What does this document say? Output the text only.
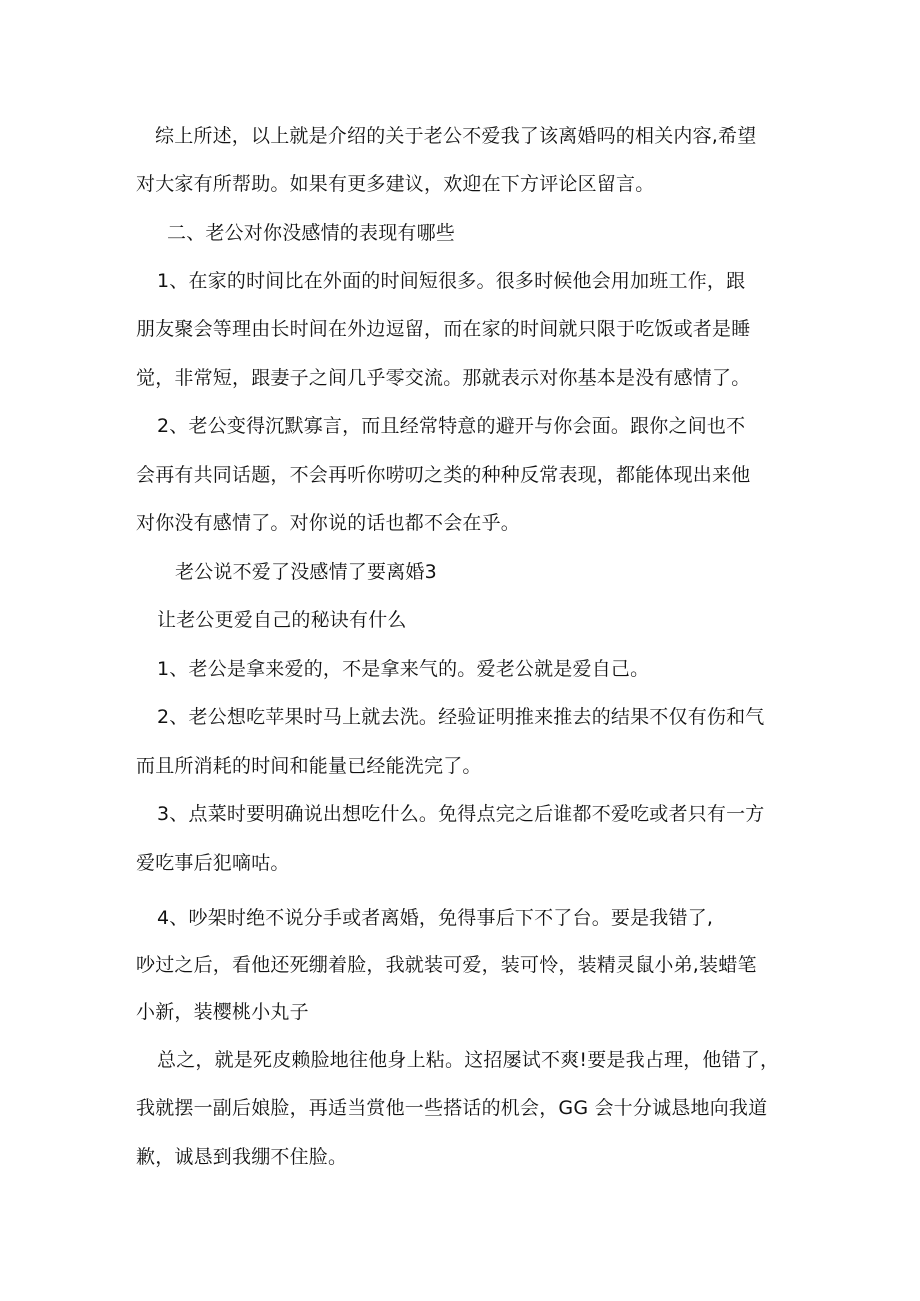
综上所述，以上就是介绍的关于老公不爱我了该离婚吗的相关内容,希望

对大家有所帮助。如果有更多建议，欢迎在下方评论区留言。

二、老公对你没感情的表现有哪些

1、在家的时间比在外面的时间短很多。很多时候他会用加班工作，跟

朋友聚会等理由长时间在外边逗留，而在家的时间就只限于吃饭或者是睡

觉，非常短，跟妻子之间几乎零交流。那就表示对你基本是没有感情了。

2、老公变得沉默寡言，而且经常特意的避开与你会面。跟你之间也不

会再有共同话题，不会再听你唠叨之类的种种反常表现，都能体现出来他

对你没有感情了。对你说的话也都不会在乎。

老公说不爱了没感情了要离婚3

让老公更爱自己的秘诀有什么

1、老公是拿来爱的，不是拿来气的。爱老公就是爱自己。

2、老公想吃苹果时马上就去洗。经验证明推来推去的结果不仅有伤和气

而且所消耗的时间和能量已经能洗完了。

3、点菜时要明确说出想吃什么。免得点完之后谁都不爱吃或者只有一方

爱吃事后犯嘀咕。

4、吵架时绝不说分手或者离婚，免得事后下不了台。要是我错了,

吵过之后，看他还死绷着脸，我就装可爱，装可怜，装精灵鼠小弟,装蜡笔

小新，装樱桃小丸子

总之，就是死皮赖脸地往他身上粘。这招屡试不爽!要是我占理，他错了，

我就摆一副后娘脸，再适当赏他一些搭话的机会，GG 会十分诚恳地向我道

歉，诚恳到我绷不住脸。
